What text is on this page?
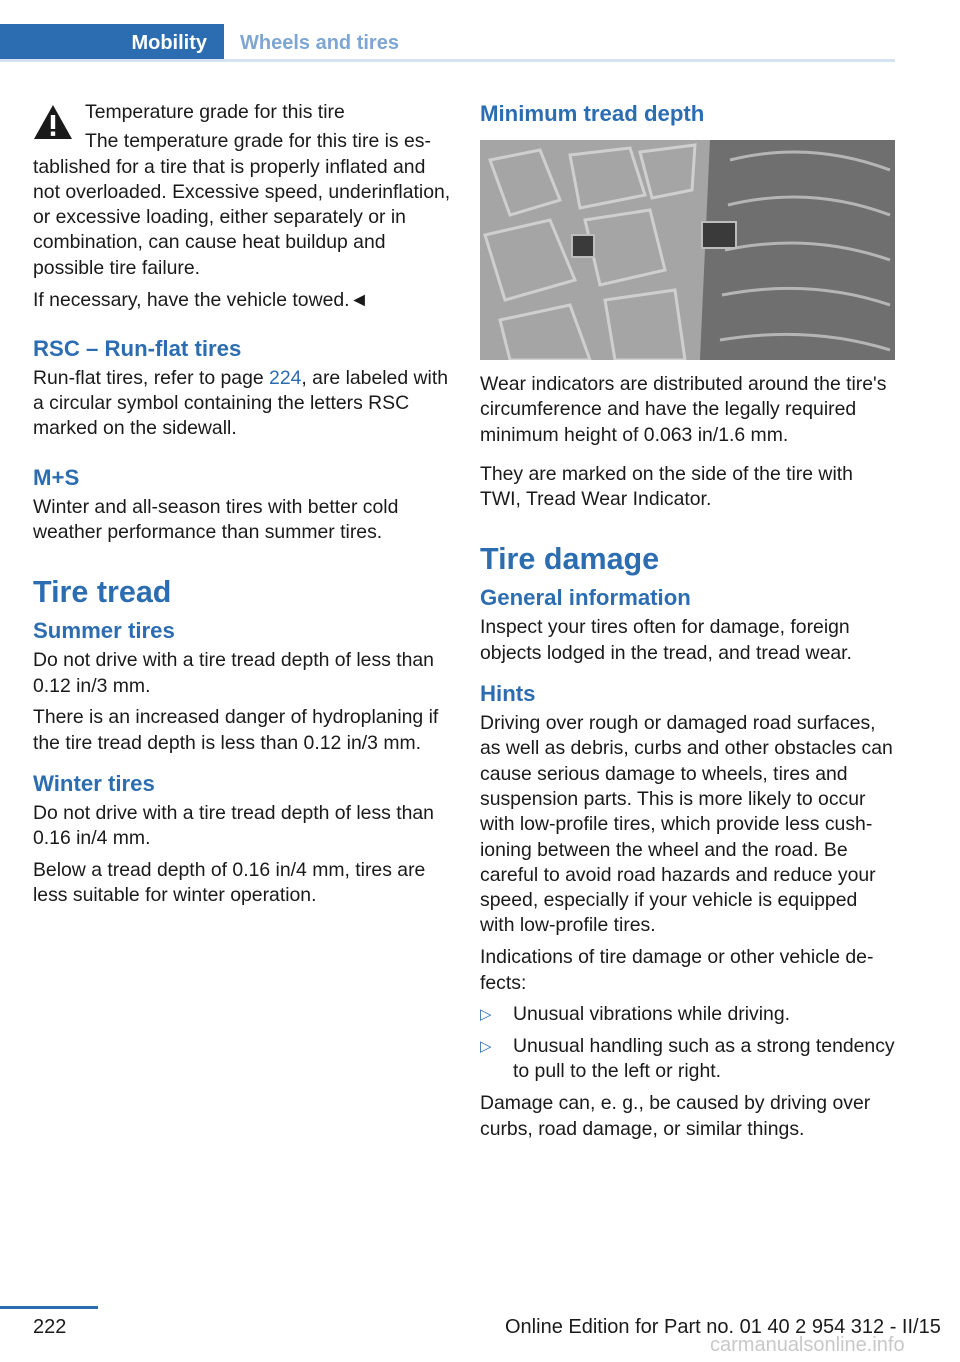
Mobility Wheels and tires

Temperature grade for this tire

The temperature grade for this tire is established for a tire that is properly inflated and not overloaded. Excessive speed, underinflation, or excessive loading, either separately or in combination, can cause heat buildup and possible tire failure.

If necessary, have the vehicle towed.◄

RSC – Run-flat tires

Run-flat tires, refer to page 224, are labeled with a circular symbol containing the letters RSC marked on the sidewall.

M+S

Winter and all-season tires with better cold weather performance than summer tires.

Tire tread
Summer tires

Do not drive with a tire tread depth of less than 0.12 in/3 mm.

There is an increased danger of hydroplaning if the tire tread depth is less than 0.12 in/3 mm.

Winter tires

Do not drive with a tire tread depth of less than 0.16 in/4 mm.

Below a tread depth of 0.16 in/4 mm, tires are less suitable for winter operation.

Minimum tread depth

Wear indicators are distributed around the tire's circumference and have the legally required minimum height of 0.063 in/1.6 mm.

They are marked on the side of the tire with TWI, Tread Wear Indicator.

Tire damage
General information

Inspect your tires often for damage, foreign objects lodged in the tread, and tread wear.

Hints

Driving over rough or damaged road surfaces, as well as debris, curbs and other obstacles can cause serious damage to wheels, tires and suspension parts. This is more likely to occur with low-profile tires, which provide less cushioning between the wheel and the road. Be careful to avoid road hazards and reduce your speed, especially if your vehicle is equipped with low-profile tires.

Indications of tire damage or other vehicle defects:

▷ Unusual vibrations while driving.
▷ Unusual handling such as a strong tendency to pull to the left or right.

Damage can, e. g., be caused by driving over curbs, road damage, or similar things.

222	Online Edition for Part no. 01 40 2 954 312 - II/15
carmanualsonline.info
